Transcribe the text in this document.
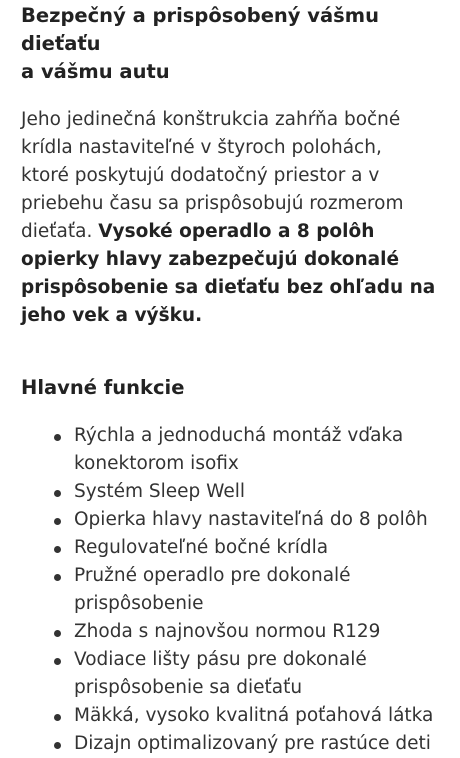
Bezpečný a prispôsobený vášmu dieťaťu
a vášmu autu

Jeho jedinečná konštrukcia zahŕňa bočné
krídla nastaviteľné v štyroch polohách,
ktoré poskytujú dodatočný priestor a v
priebehu času sa prispôsobujú rozmerom
dieťaťa. Vysoké operadlo a 8 polôh
opierky hlavy zabezpečujú dokonalé
prispôsobenie sa dieťaťu bez ohľadu na
jeho vek a výšku.

Hlavné funkcie
Rýchla a jednoduchá montáž vďaka
konektorom isofix
Systém Sleep Well
Opierka hlavy nastaviteľná do 8 polôh
Regulovateľné bočné krídla
Pružné operadlo pre dokonalé
prispôsobenie
Zhoda s najnovšou normou R129
Vodiace lišty pásu pre dokonalé
prispôsobenie sa dieťaťu
Mäkká, vysoko kvalitná poťahová látka
Dizajn optimalizovaný pre rastúce deti
